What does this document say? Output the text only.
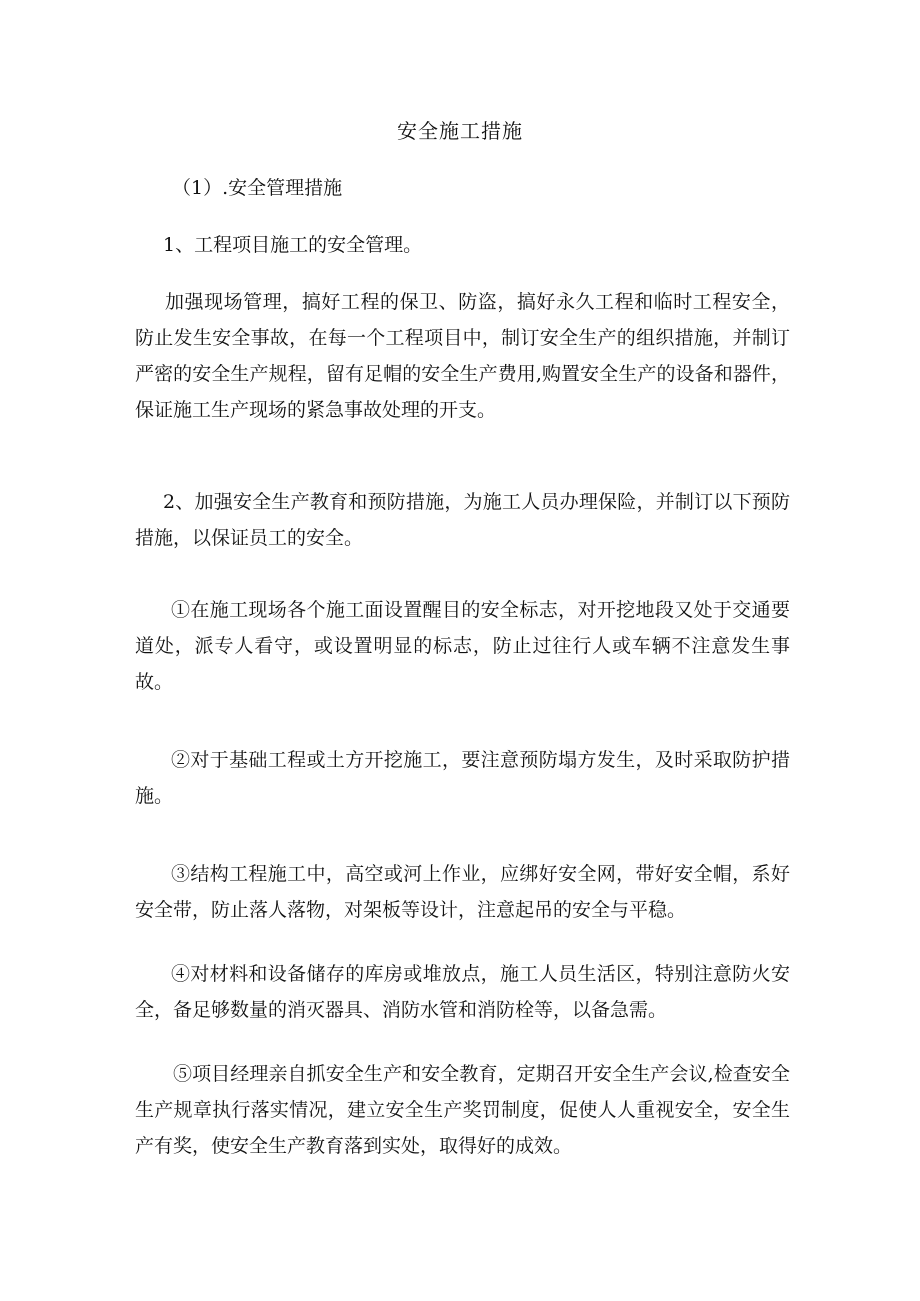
安全施工措施
（1）.安全管理措施
1、工程项目施工的安全管理。
加强现场管理，搞好工程的保卫、防盗，搞好永久工程和临时工程安全，防止发生安全事故，在每一个工程项目中，制订安全生产的组织措施，并制订严密的安全生产规程，留有足帽的安全生产费用,购置安全生产的设备和器件，保证施工生产现场的紧急事故处理的开支。
2、加强安全生产教育和预防措施，为施工人员办理保险，并制订以下预防措施，以保证员工的安全。
①在施工现场各个施工面设置醒目的安全标志，对开挖地段又处于交通要道处，派专人看守，或设置明显的标志，防止过往行人或车辆不注意发生事故。
②对于基础工程或土方开挖施工，要注意预防塌方发生，及时采取防护措施。
③结构工程施工中，高空或河上作业，应绑好安全网，带好安全帽，系好安全带，防止落人落物，对架板等设计，注意起吊的安全与平稳。
④对材料和设备储存的库房或堆放点，施工人员生活区，特别注意防火安全，备足够数量的消灭器具、消防水管和消防栓等，以备急需。
⑤项目经理亲自抓安全生产和安全教育，定期召开安全生产会议,检查安全生产规章执行落实情况，建立安全生产奖罚制度，促使人人重视安全，安全生产有奖，使安全生产教育落到实处，取得好的成效。
